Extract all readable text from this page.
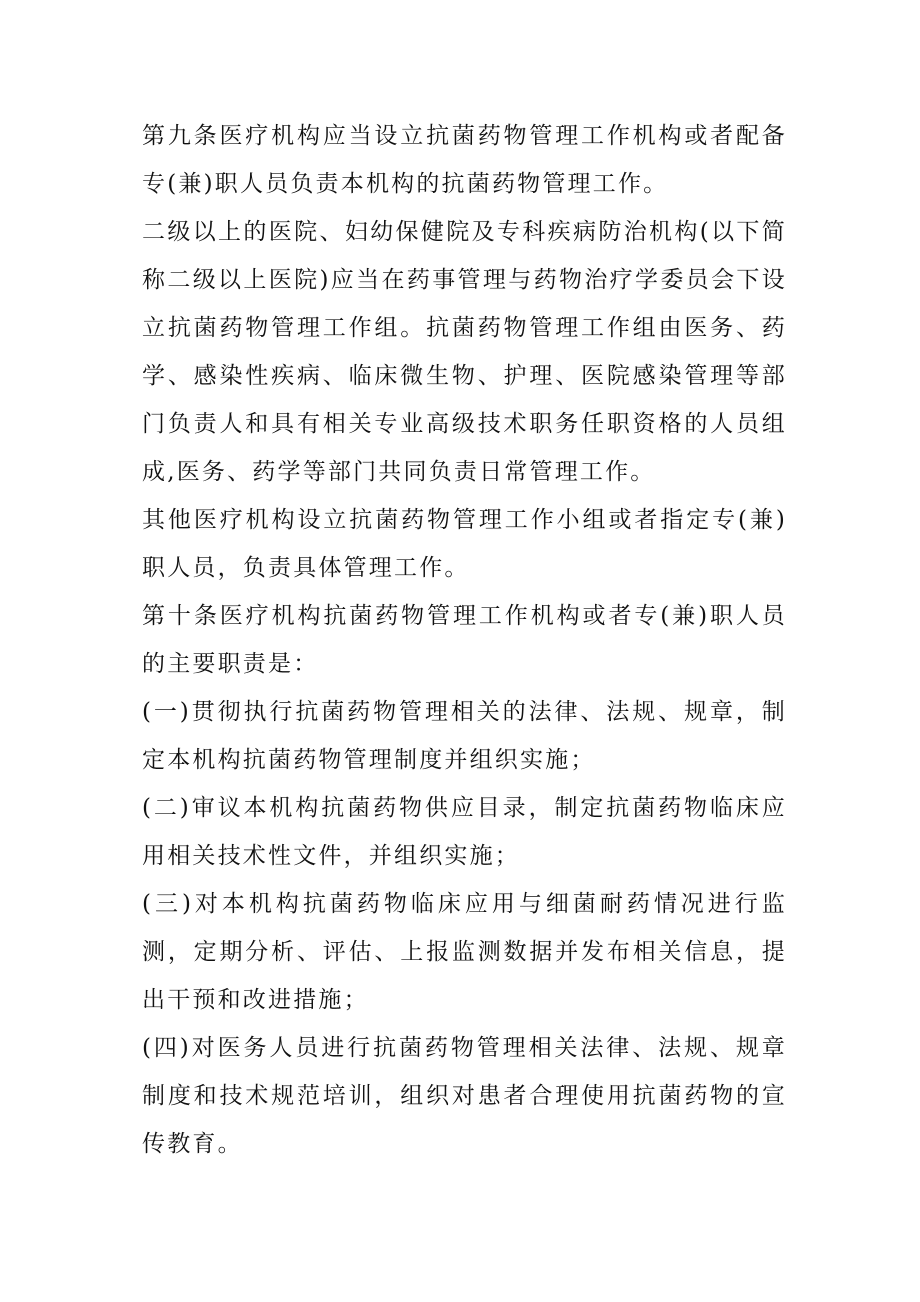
第九条医疗机构应当设立抗菌药物管理工作机构或者配备专(兼)职人员负责本机构的抗菌药物管理工作。

二级以上的医院、妇幼保健院及专科疾病防治机构(以下简称二级以上医院)应当在药事管理与药物治疗学委员会下设立抗菌药物管理工作组。抗菌药物管理工作组由医务、药学、感染性疾病、临床微生物、护理、医院感染管理等部门负责人和具有相关专业高级技术职务任职资格的人员组成,医务、药学等部门共同负责日常管理工作。

其他医疗机构设立抗菌药物管理工作小组或者指定专(兼)职人员，负责具体管理工作。

第十条医疗机构抗菌药物管理工作机构或者专(兼)职人员的主要职责是：

(一)贯彻执行抗菌药物管理相关的法律、法规、规章，制定本机构抗菌药物管理制度并组织实施；

(二)审议本机构抗菌药物供应目录，制定抗菌药物临床应用相关技术性文件，并组织实施；

(三)对本机构抗菌药物临床应用与细菌耐药情况进行监测，定期分析、评估、上报监测数据并发布相关信息，提出干预和改进措施；

(四)对医务人员进行抗菌药物管理相关法律、法规、规章制度和技术规范培训，组织对患者合理使用抗菌药物的宣传教育。
